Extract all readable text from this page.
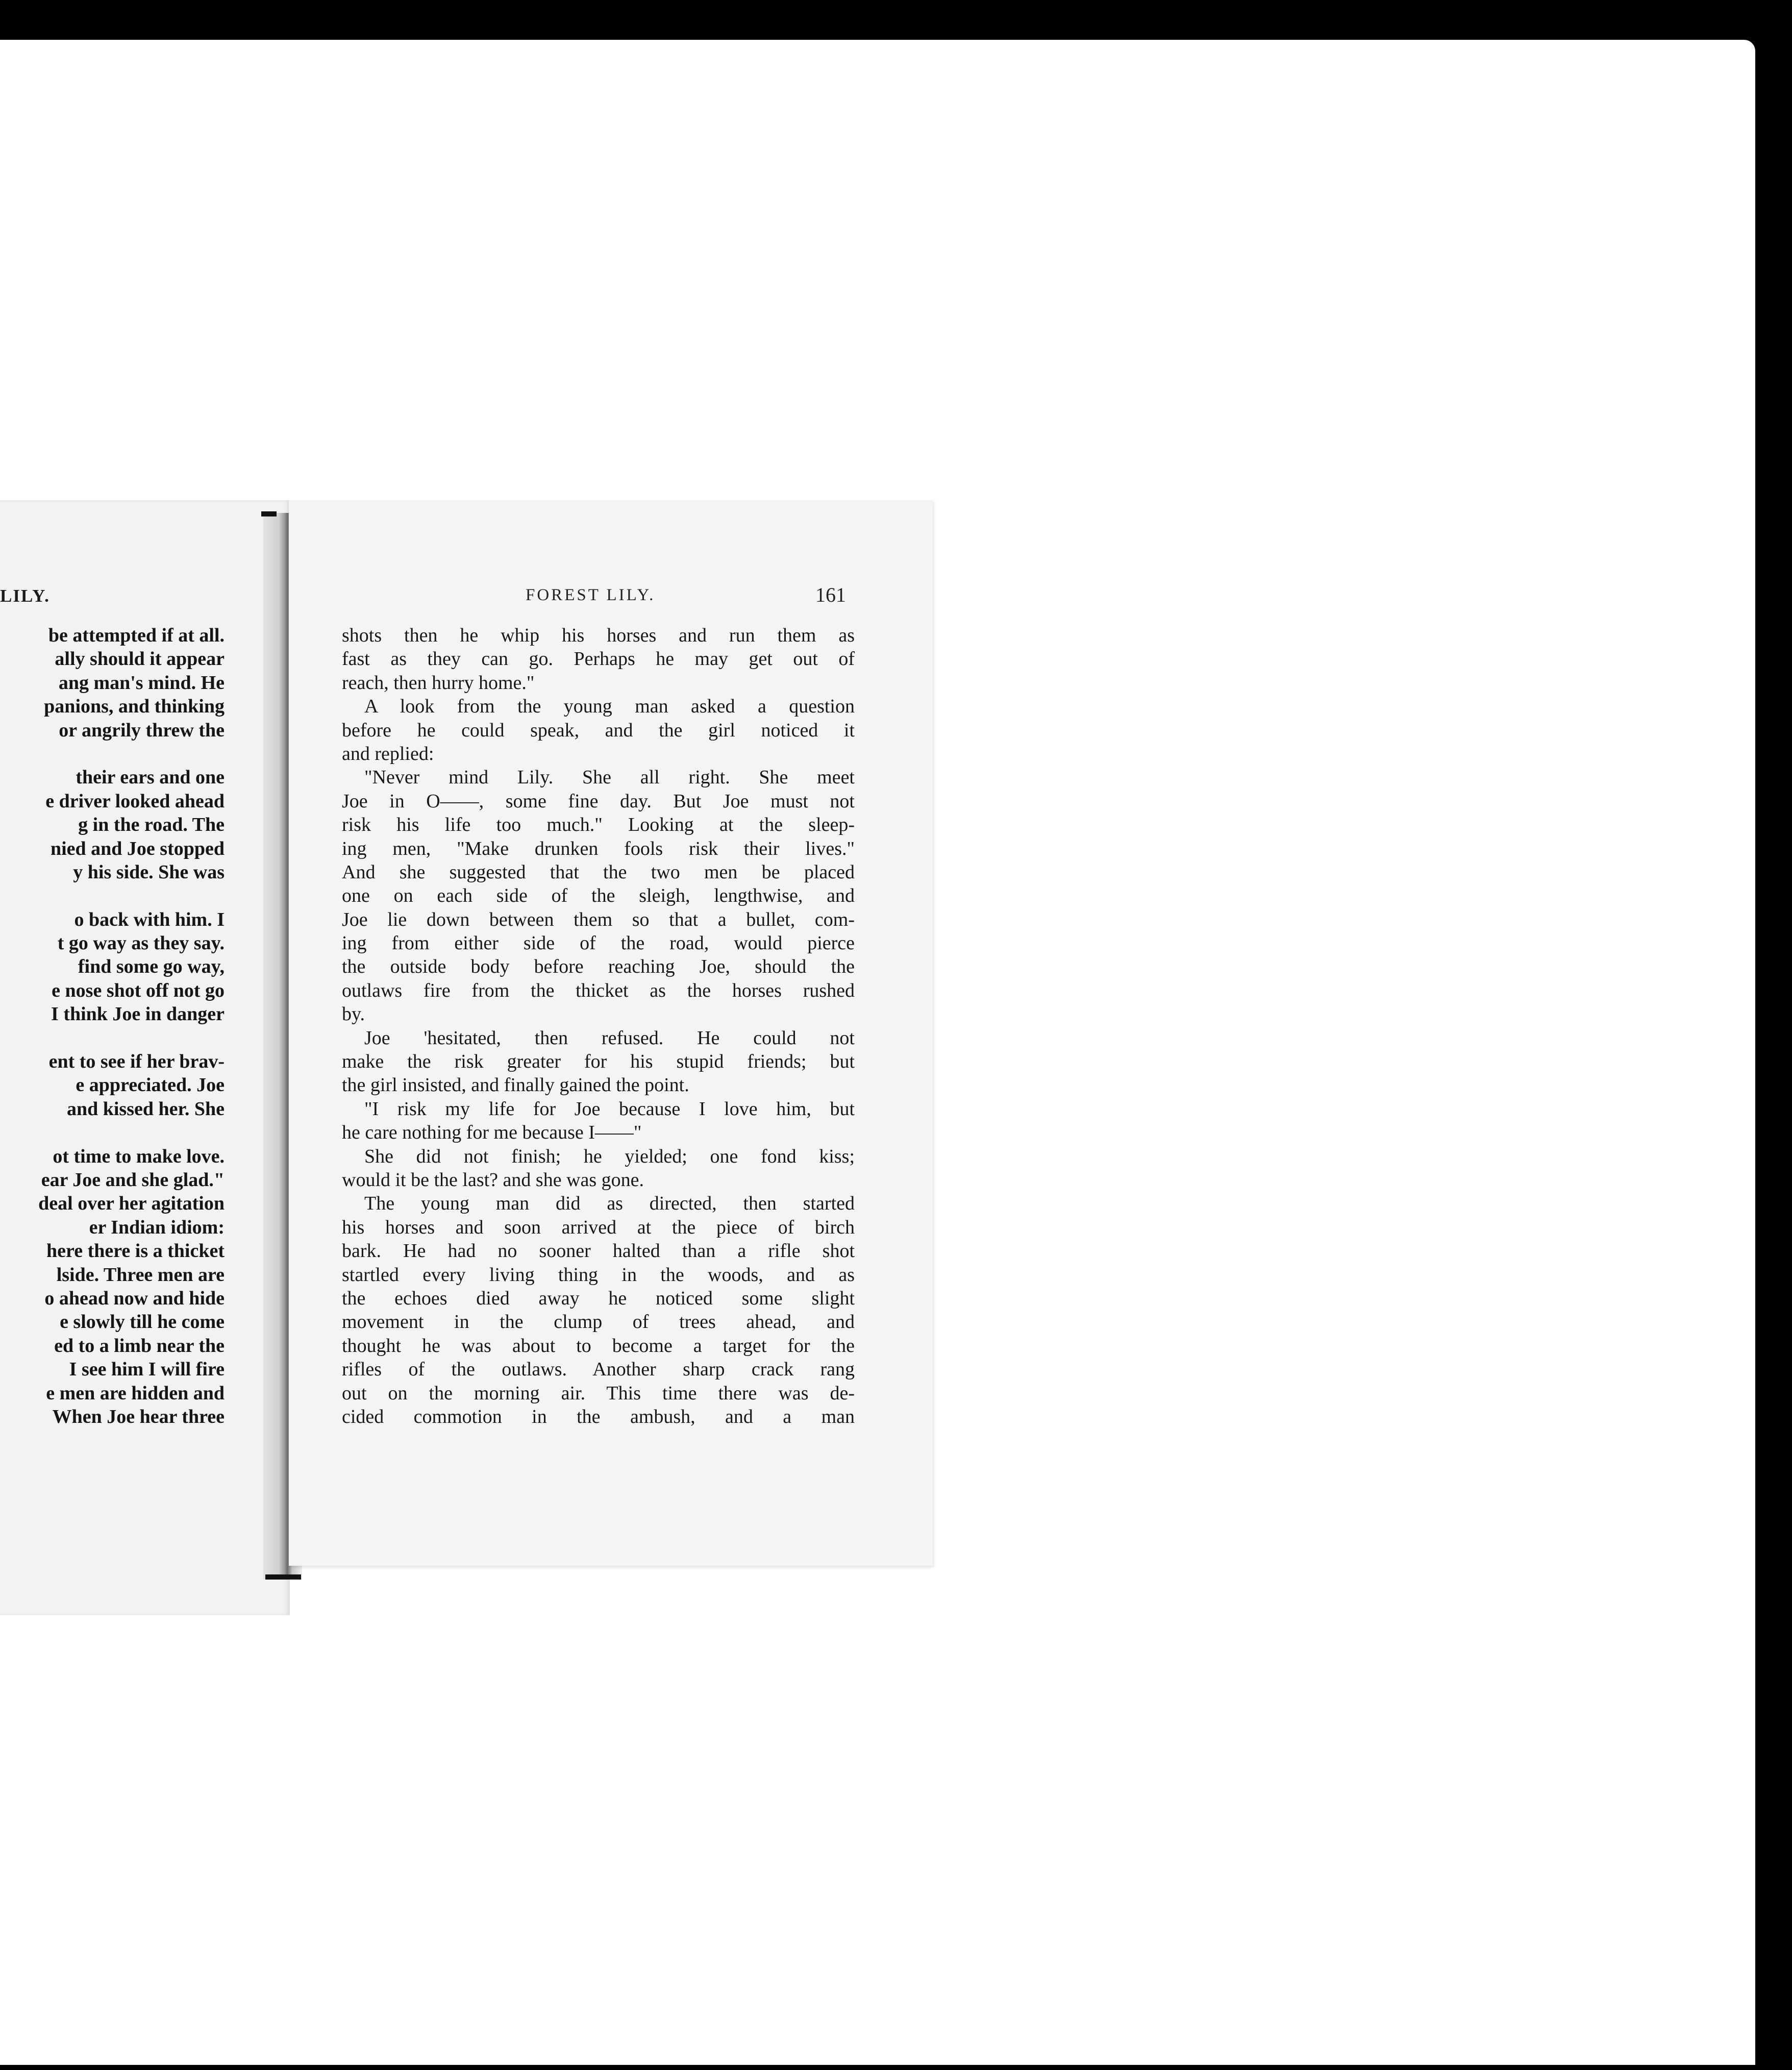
LILY.
be attempted if at all.
ally should it appear
ang man's mind. He
panions, and thinking
or angrily threw the
their ears and one
e driver looked ahead
g in the road. The
nied and Joe stopped
y his side. She was
o back with him. I
t go way as they say.
find some go way,
e nose shot off not go
I think Joe in danger
ent to see if her brav-
e appreciated. Joe
and kissed her. She
ot time to make love.
ear Joe and she glad."
deal over her agitation
er Indian idiom:
here there is a thicket
lside. Three men are
o ahead now and hide
e slowly till he come
ed to a limb near the
I see him I will fire
e men are hidden and
When Joe hear three
FOREST LILY.	161
shots then he whip his horses and run them as
fast as they can go. Perhaps he may get out of
reach, then hurry home."
A look from the young man asked a question
before he could speak, and the girl noticed it
and replied:
"Never mind Lily. She all right. She meet
Joe in O——, some fine day. But Joe must not
risk his life too much." Looking at the sleep-
ing men, "Make drunken fools risk their lives."
And she suggested that the two men be placed
one on each side of the sleigh, lengthwise, and
Joe lie down between them so that a bullet, com-
ing from either side of the road, would pierce
the outside body before reaching Joe, should the
outlaws fire from the thicket as the horses rushed
by.
Joe 'hesitated, then refused. He could not
make the risk greater for his stupid friends; but
the girl insisted, and finally gained the point.
"I risk my life for Joe because I love him, but
he care nothing for me because I——"
She did not finish; he yielded; one fond kiss;
would it be the last? and she was gone.
The young man did as directed, then started
his horses and soon arrived at the piece of birch
bark. He had no sooner halted than a rifle shot
startled every living thing in the woods, and as
the echoes died away he noticed some slight
movement in the clump of trees ahead, and
thought he was about to become a target for the
rifles of the outlaws. Another sharp crack rang
out on the morning air. This time there was de-
cided commotion in the ambush, and a man
